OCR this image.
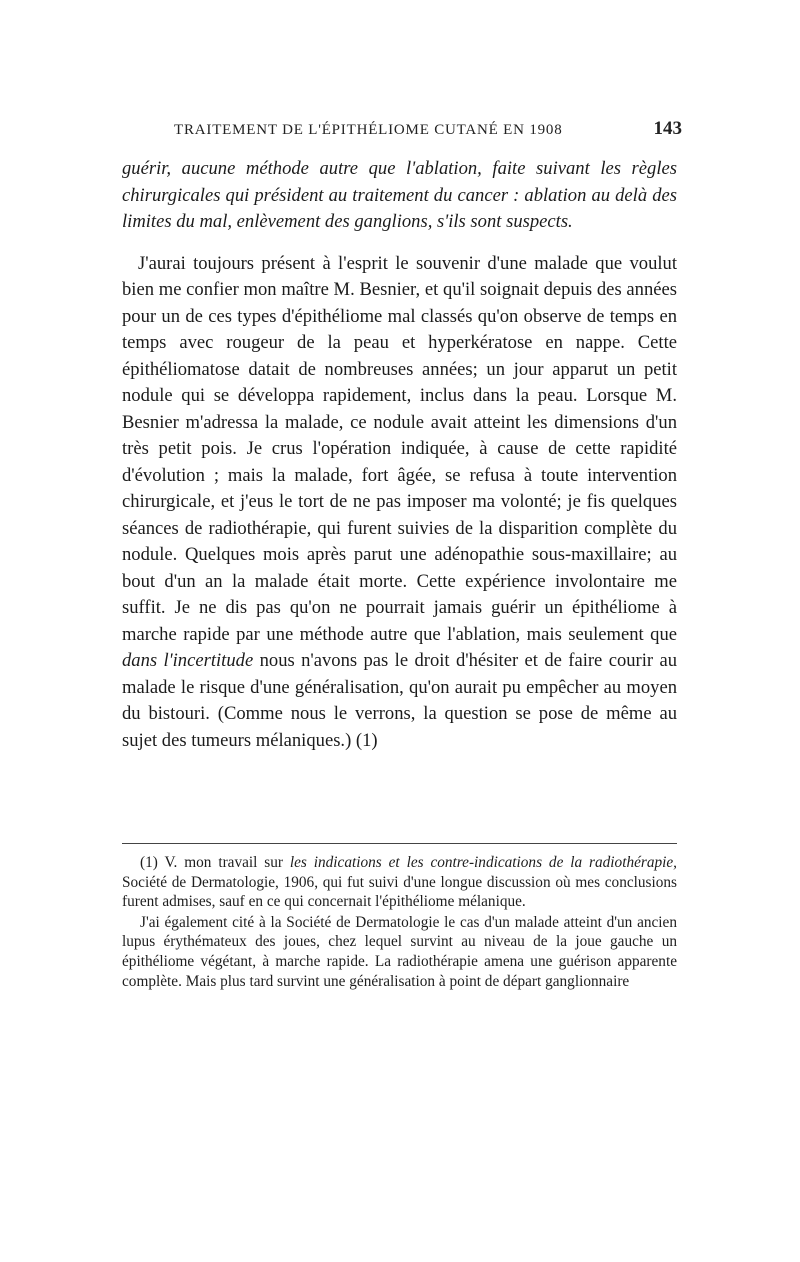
TRAITEMENT DE L'ÉPITHÉLIOME CUTANÉ EN 1908	143

guérir, aucune méthode autre que l'ablation, faite suivant les règles chirurgicales qui président au traitement du cancer : ablation au delà des limites du mal, enlèvement des ganglions, s'ils sont suspects.

J'aurai toujours présent à l'esprit le souvenir d'une malade que voulut bien me confier mon maître M. Besnier, et qu'il soignait depuis des années pour un de ces types d'épithéliome mal classés qu'on observe de temps en temps avec rougeur de la peau et hyperkératose en nappe. Cette épithéliomatose datait de nombreuses années; un jour apparut un petit nodule qui se développa rapidement, inclus dans la peau. Lorsque M. Besnier m'adressa la malade, ce nodule avait atteint les dimensions d'un très petit pois. Je crus l'opération indiquée, à cause de cette rapidité d'évolution ; mais la malade, fort âgée, se refusa à toute intervention chirurgicale, et j'eus le tort de ne pas imposer ma volonté; je fis quelques séances de radiothérapie, qui furent suivies de la disparition complète du nodule. Quelques mois après parut une adénopathie sous-maxillaire; au bout d'un an la malade était morte. Cette expérience involontaire me suffit. Je ne dis pas qu'on ne pourrait jamais guérir un épithéliome à marche rapide par une méthode autre que l'ablation, mais seulement que dans l'incertitude nous n'avons pas le droit d'hésiter et de faire courir au malade le risque d'une généralisation, qu'on aurait pu empêcher au moyen du bistouri. (Comme nous le verrons, la question se pose de même au sujet des tumeurs mélaniques.) (1)

(1) V. mon travail sur les indications et les contre-indications de la radiothérapie, Société de Dermatologie, 1906, qui fut suivi d'une longue discussion où mes conclusions furent admises, sauf en ce qui concernait l'épithéliome mélanique.

J'ai également cité à la Société de Dermatologie le cas d'un malade atteint d'un ancien lupus érythémateux des joues, chez lequel survint au niveau de la joue gauche un épithéliome végétant, à marche rapide. La radiothérapie amena une guérison apparente complète. Mais plus tard survint une généralisation à point de départ ganglionnaire
